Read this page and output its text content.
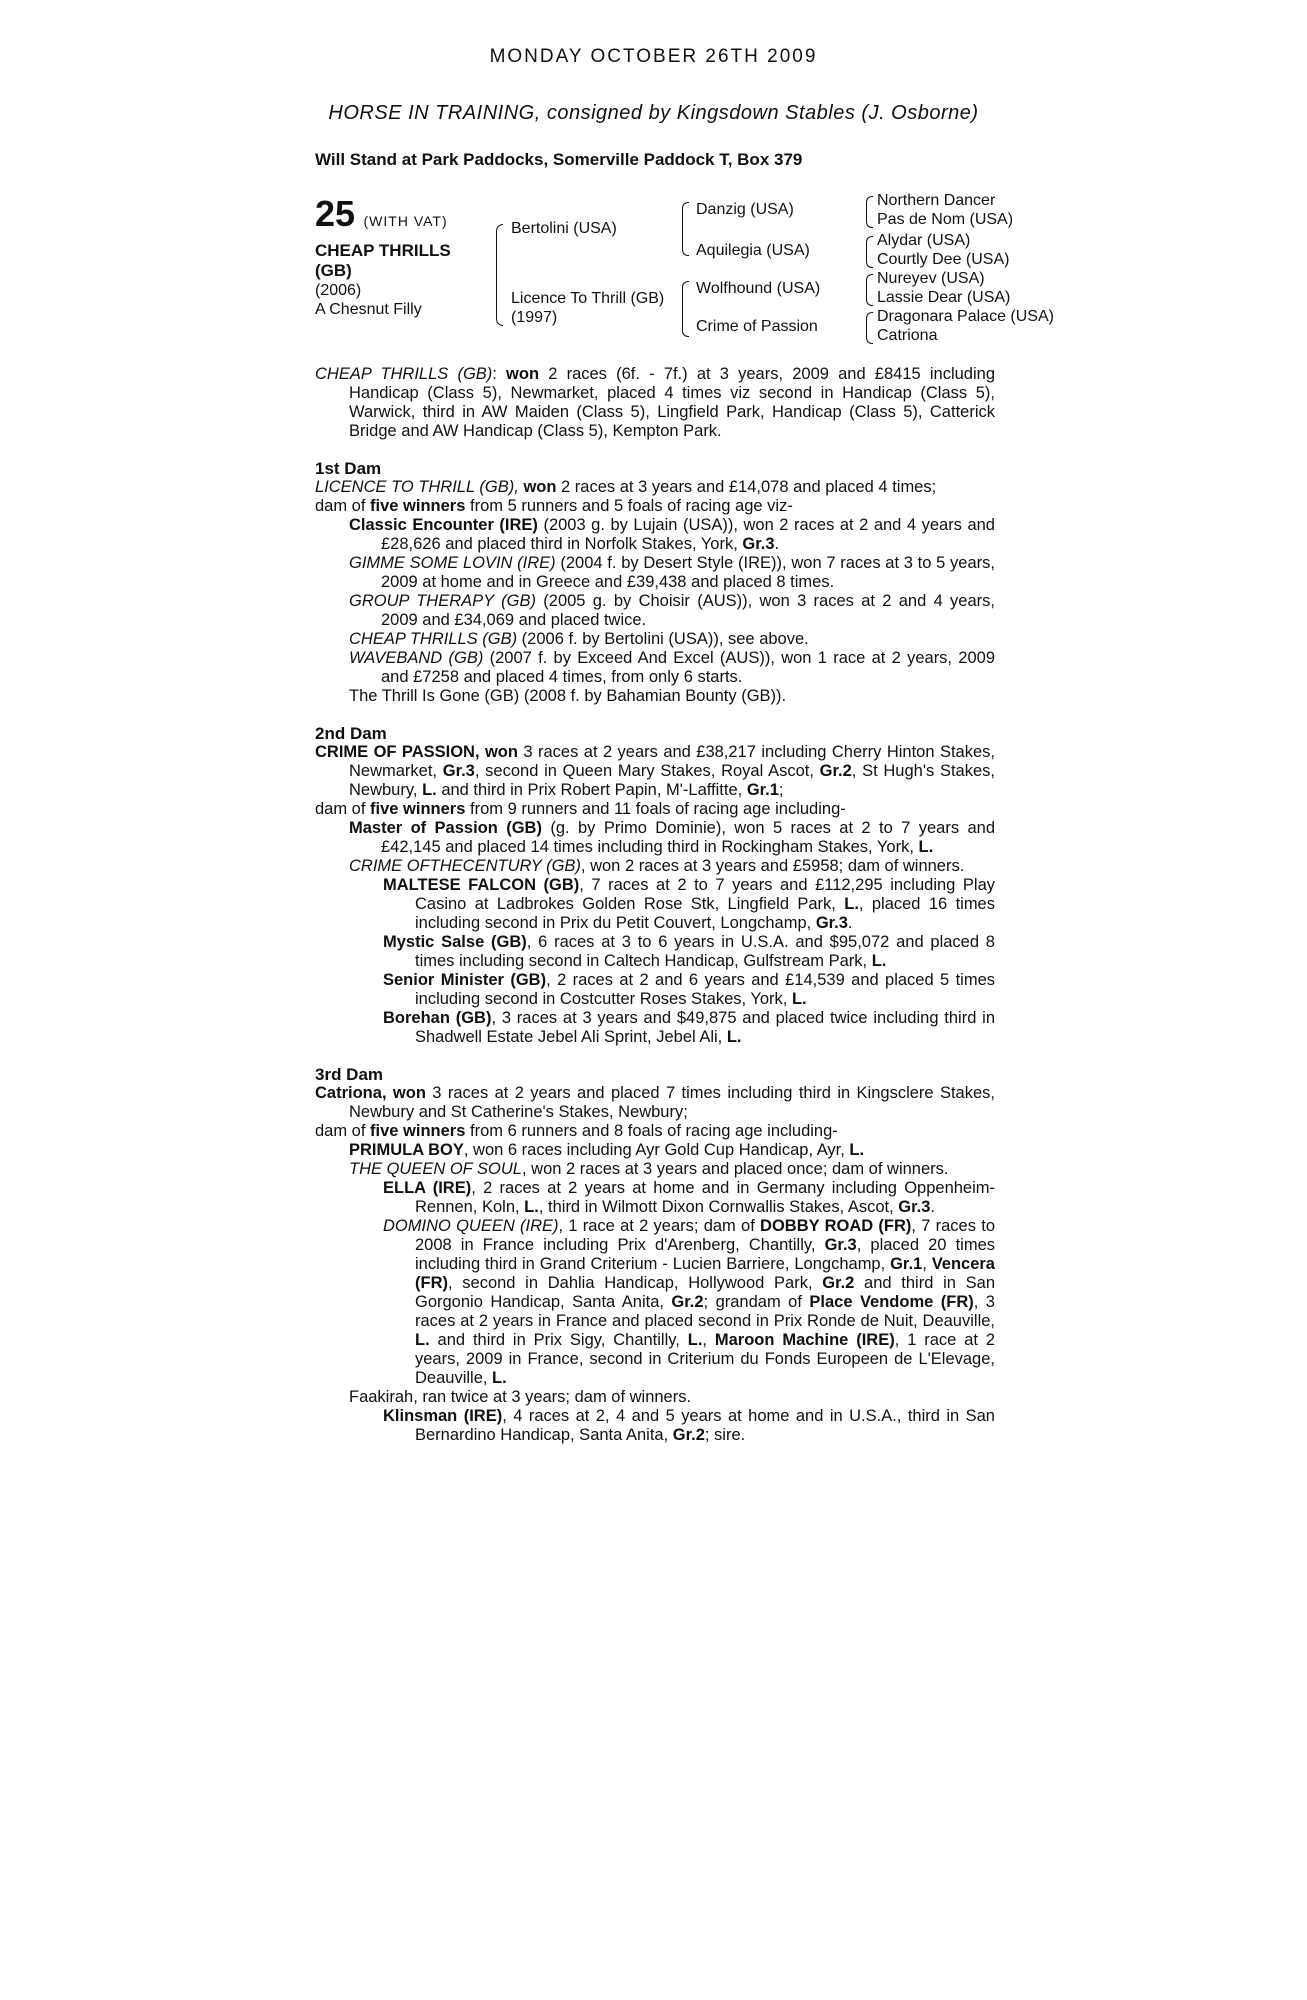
MONDAY OCTOBER 26TH 2009
HORSE IN TRAINING, consigned by Kingsdown Stables (J. Osborne)
Will Stand at Park Paddocks, Somerville Paddock T, Box 379
25 (WITH VAT)
CHEAP THRILLS
(GB)
(2006)
A Chesnut Filly
Bertolini (USA)
Licence To Thrill (GB)
(1997)
Danzig (USA)
Aquilegia (USA)
Wolfhound (USA)
Crime of Passion
Northern Dancer
Pas de Nom (USA)
Alydar (USA)
Courtly Dee (USA)
Nureyev (USA)
Lassie Dear (USA)
Dragonara Palace (USA)
Catriona

CHEAP THRILLS (GB): won 2 races (6f. - 7f.) at 3 years, 2009 and £8415 including Handicap (Class 5), Newmarket, placed 4 times viz second in Handicap (Class 5), Warwick, third in AW Maiden (Class 5), Lingfield Park, Handicap (Class 5), Catterick Bridge and AW Handicap (Class 5), Kempton Park.

1st Dam

LICENCE TO THRILL (GB), won 2 races at 3 years and £14,078 and placed 4 times;

dam of five winners from 5 runners and 5 foals of racing age viz-

Classic Encounter (IRE) (2003 g. by Lujain (USA)), won 2 races at 2 and 4 years and £28,626 and placed third in Norfolk Stakes, York, Gr.3.

GIMME SOME LOVIN (IRE) (2004 f. by Desert Style (IRE)), won 7 races at 3 to 5 years, 2009 at home and in Greece and £39,438 and placed 8 times.

GROUP THERAPY (GB) (2005 g. by Choisir (AUS)), won 3 races at 2 and 4 years, 2009 and £34,069 and placed twice.

CHEAP THRILLS (GB) (2006 f. by Bertolini (USA)), see above.

WAVEBAND (GB) (2007 f. by Exceed And Excel (AUS)), won 1 race at 2 years, 2009 and £7258 and placed 4 times, from only 6 starts.

The Thrill Is Gone (GB) (2008 f. by Bahamian Bounty (GB)).

2nd Dam

CRIME OF PASSION, won 3 races at 2 years and £38,217 including Cherry Hinton Stakes, Newmarket, Gr.3, second in Queen Mary Stakes, Royal Ascot, Gr.2, St Hugh's Stakes, Newbury, L. and third in Prix Robert Papin, M'-Laffitte, Gr.1;

dam of five winners from 9 runners and 11 foals of racing age including-

Master of Passion (GB) (g. by Primo Dominie), won 5 races at 2 to 7 years and £42,145 and placed 14 times including third in Rockingham Stakes, York, L.

CRIME OFTHECENTURY (GB), won 2 races at 3 years and £5958; dam of winners.

MALTESE FALCON (GB), 7 races at 2 to 7 years and £112,295 including Play Casino at Ladbrokes Golden Rose Stk, Lingfield Park, L., placed 16 times including second in Prix du Petit Couvert, Longchamp, Gr.3.

Mystic Salse (GB), 6 races at 3 to 6 years in U.S.A. and $95,072 and placed 8 times including second in Caltech Handicap, Gulfstream Park, L.

Senior Minister (GB), 2 races at 2 and 6 years and £14,539 and placed 5 times including second in Costcutter Roses Stakes, York, L.

Borehan (GB), 3 races at 3 years and $49,875 and placed twice including third in Shadwell Estate Jebel Ali Sprint, Jebel Ali, L.

3rd Dam

Catriona, won 3 races at 2 years and placed 7 times including third in Kingsclere Stakes, Newbury and St Catherine's Stakes, Newbury;

dam of five winners from 6 runners and 8 foals of racing age including-

PRIMULA BOY, won 6 races including Ayr Gold Cup Handicap, Ayr, L.

THE QUEEN OF SOUL, won 2 races at 3 years and placed once; dam of winners.

ELLA (IRE), 2 races at 2 years at home and in Germany including Oppenheim-Rennen, Koln, L., third in Wilmott Dixon Cornwallis Stakes, Ascot, Gr.3.

DOMINO QUEEN (IRE), 1 race at 2 years; dam of DOBBY ROAD (FR), 7 races to 2008 in France including Prix d'Arenberg, Chantilly, Gr.3, placed 20 times including third in Grand Criterium - Lucien Barriere, Longchamp, Gr.1, Vencera (FR), second in Dahlia Handicap, Hollywood Park, Gr.2 and third in San Gorgonio Handicap, Santa Anita, Gr.2; grandam of Place Vendome (FR), 3 races at 2 years in France and placed second in Prix Ronde de Nuit, Deauville, L. and third in Prix Sigy, Chantilly, L., Maroon Machine (IRE), 1 race at 2 years, 2009 in France, second in Criterium du Fonds Europeen de L'Elevage, Deauville, L.

Faakirah, ran twice at 3 years; dam of winners.

Klinsman (IRE), 4 races at 2, 4 and 5 years at home and in U.S.A., third in San Bernardino Handicap, Santa Anita, Gr.2; sire.
